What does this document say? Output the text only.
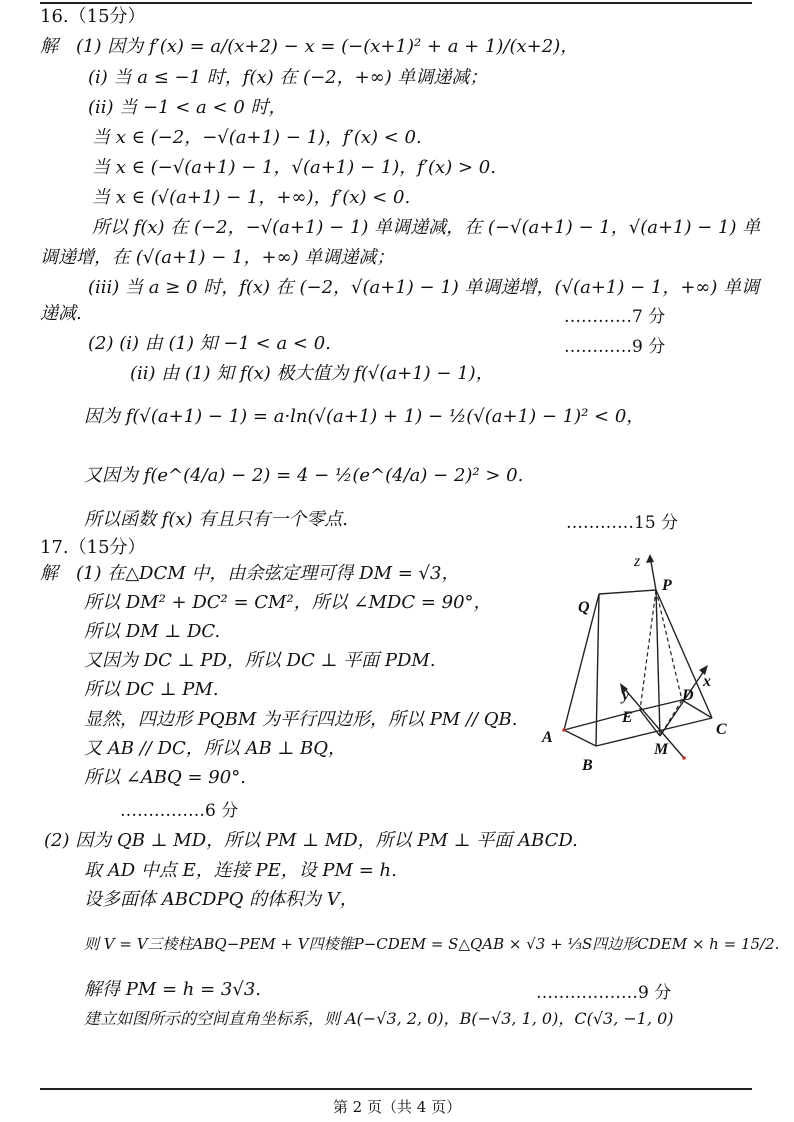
16.（15分）
解　(1) 因为 f′(x) = a/(x+2) − x = (−(x+1)² + a + 1)/(x+2)，
(i) 当 a ≤ −1 时，f(x) 在 (−2，+∞) 单调递减；
(ii) 当 −1 < a < 0 时，
当 x ∈ (−2，−√(a+1) − 1)，f′(x) < 0.
当 x ∈ (−√(a+1) − 1，√(a+1) − 1)，f′(x) > 0.
当 x ∈ (√(a+1) − 1，+∞)，f′(x) < 0.
所以 f(x) 在 (−2，−√(a+1) − 1) 单调递减，在 (−√(a+1) − 1，√(a+1) − 1) 单
调递增，在 (√(a+1) − 1，+∞) 单调递减；
(iii) 当 a ≥ 0 时，f(x) 在 (−2，√(a+1) − 1) 单调递增，(√(a+1) − 1，+∞) 单调
递减.	…………7 分
(2) (i) 由 (1) 知 −1 < a < 0.	…………9 分
(ii) 由 (1) 知 f(x) 极大值为 f(√(a+1) − 1)，
因为 f(√(a+1) − 1) = a·ln(√(a+1) + 1) − ½(√(a+1) − 1)² < 0，
又因为 f(e^(4/a) − 2) = 4 − ½(e^(4/a) − 2)² > 0.
所以函数 f(x) 有且只有一个零点.	…………15 分
17.（15分）
解　(1) 在△DCM 中，由余弦定理可得 DM = √3，
所以 DM² + DC² = CM²，所以 ∠MDC = 90°，
所以 DM ⊥ DC.
又因为 DC ⊥ PD，所以 DC ⊥ 平面 PDM.
所以 DC ⊥ PM.
显然，四边形 PQBM 为平行四边形，所以 PM // QB.
又 AB // DC，所以 AB ⊥ BQ，
所以 ∠ABQ = 90°.
……………6 分
z
P
Q
y
x
D
E
A
B
C
M
(2) 因为 QB ⊥ MD，所以 PM ⊥ MD，所以 PM ⊥ 平面 ABCD.
取 AD 中点 E，连接 PE，设 PM = h.
设多面体 ABCDPQ 的体积为 V，
则 V = V三棱柱ABQ−PEM + V四棱锥P−CDEM = S△QAB × √3 + ⅓S四边形CDEM × h = 15/2.
解得 PM = h = 3√3.	………………9 分
建立如图所示的空间直角坐标系，则 A(−√3, 2, 0)，B(−√3, 1, 0)，C(√3, −1, 0)
第 2 页（共 4 页）
